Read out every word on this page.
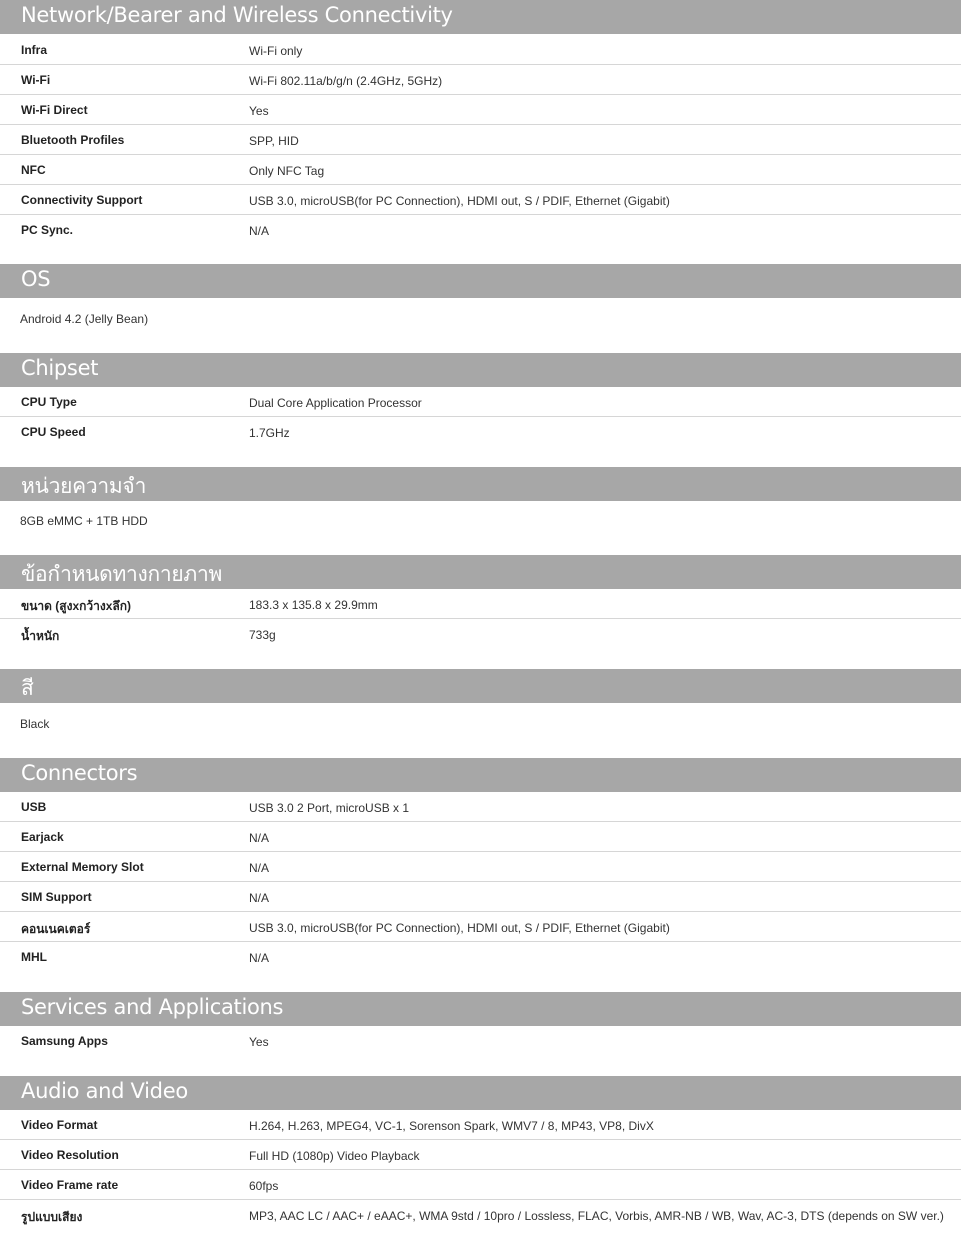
Network/Bearer and Wireless Connectivity
Infra	Wi-Fi only
Wi-Fi	Wi-Fi 802.11a/b/g/n (2.4GHz, 5GHz)
Wi-Fi Direct	Yes
Bluetooth Profiles	SPP, HID
NFC	Only NFC Tag
Connectivity Support	USB 3.0, microUSB(for PC Connection), HDMI out, S / PDIF, Ethernet (Gigabit)
PC Sync.	N/A
OS
Android 4.2 (Jelly Bean)
Chipset
CPU Type	Dual Core Application Processor
CPU Speed	1.7GHz
หน่วยความจำ
8GB eMMC + 1TB HDD
ข้อกำหนดทางกายภาพ
ขนาด (สูงxกว้างxลึก)	183.3 x 135.8 x 29.9mm
น้ำหนัก	733g
สี
Black
Connectors
USB	USB 3.0 2 Port, microUSB x 1
Earjack	N/A
External Memory Slot	N/A
SIM Support	N/A
คอนเนคเตอร์	USB 3.0, microUSB(for PC Connection), HDMI out, S / PDIF, Ethernet (Gigabit)
MHL	N/A
Services and Applications
Samsung Apps	Yes
Audio and Video
Video Format	H.264, H.263, MPEG4, VC-1, Sorenson Spark, WMV7 / 8, MP43, VP8, DivX
Video Resolution	Full HD (1080p) Video Playback
Video Frame rate	60fps
รูปแบบเสียง	MP3, AAC LC / AAC+ / eAAC+, WMA 9std / 10pro / Lossless, FLAC, Vorbis, AMR-NB / WB, Wav, AC-3, DTS (depends on SW ver.)
